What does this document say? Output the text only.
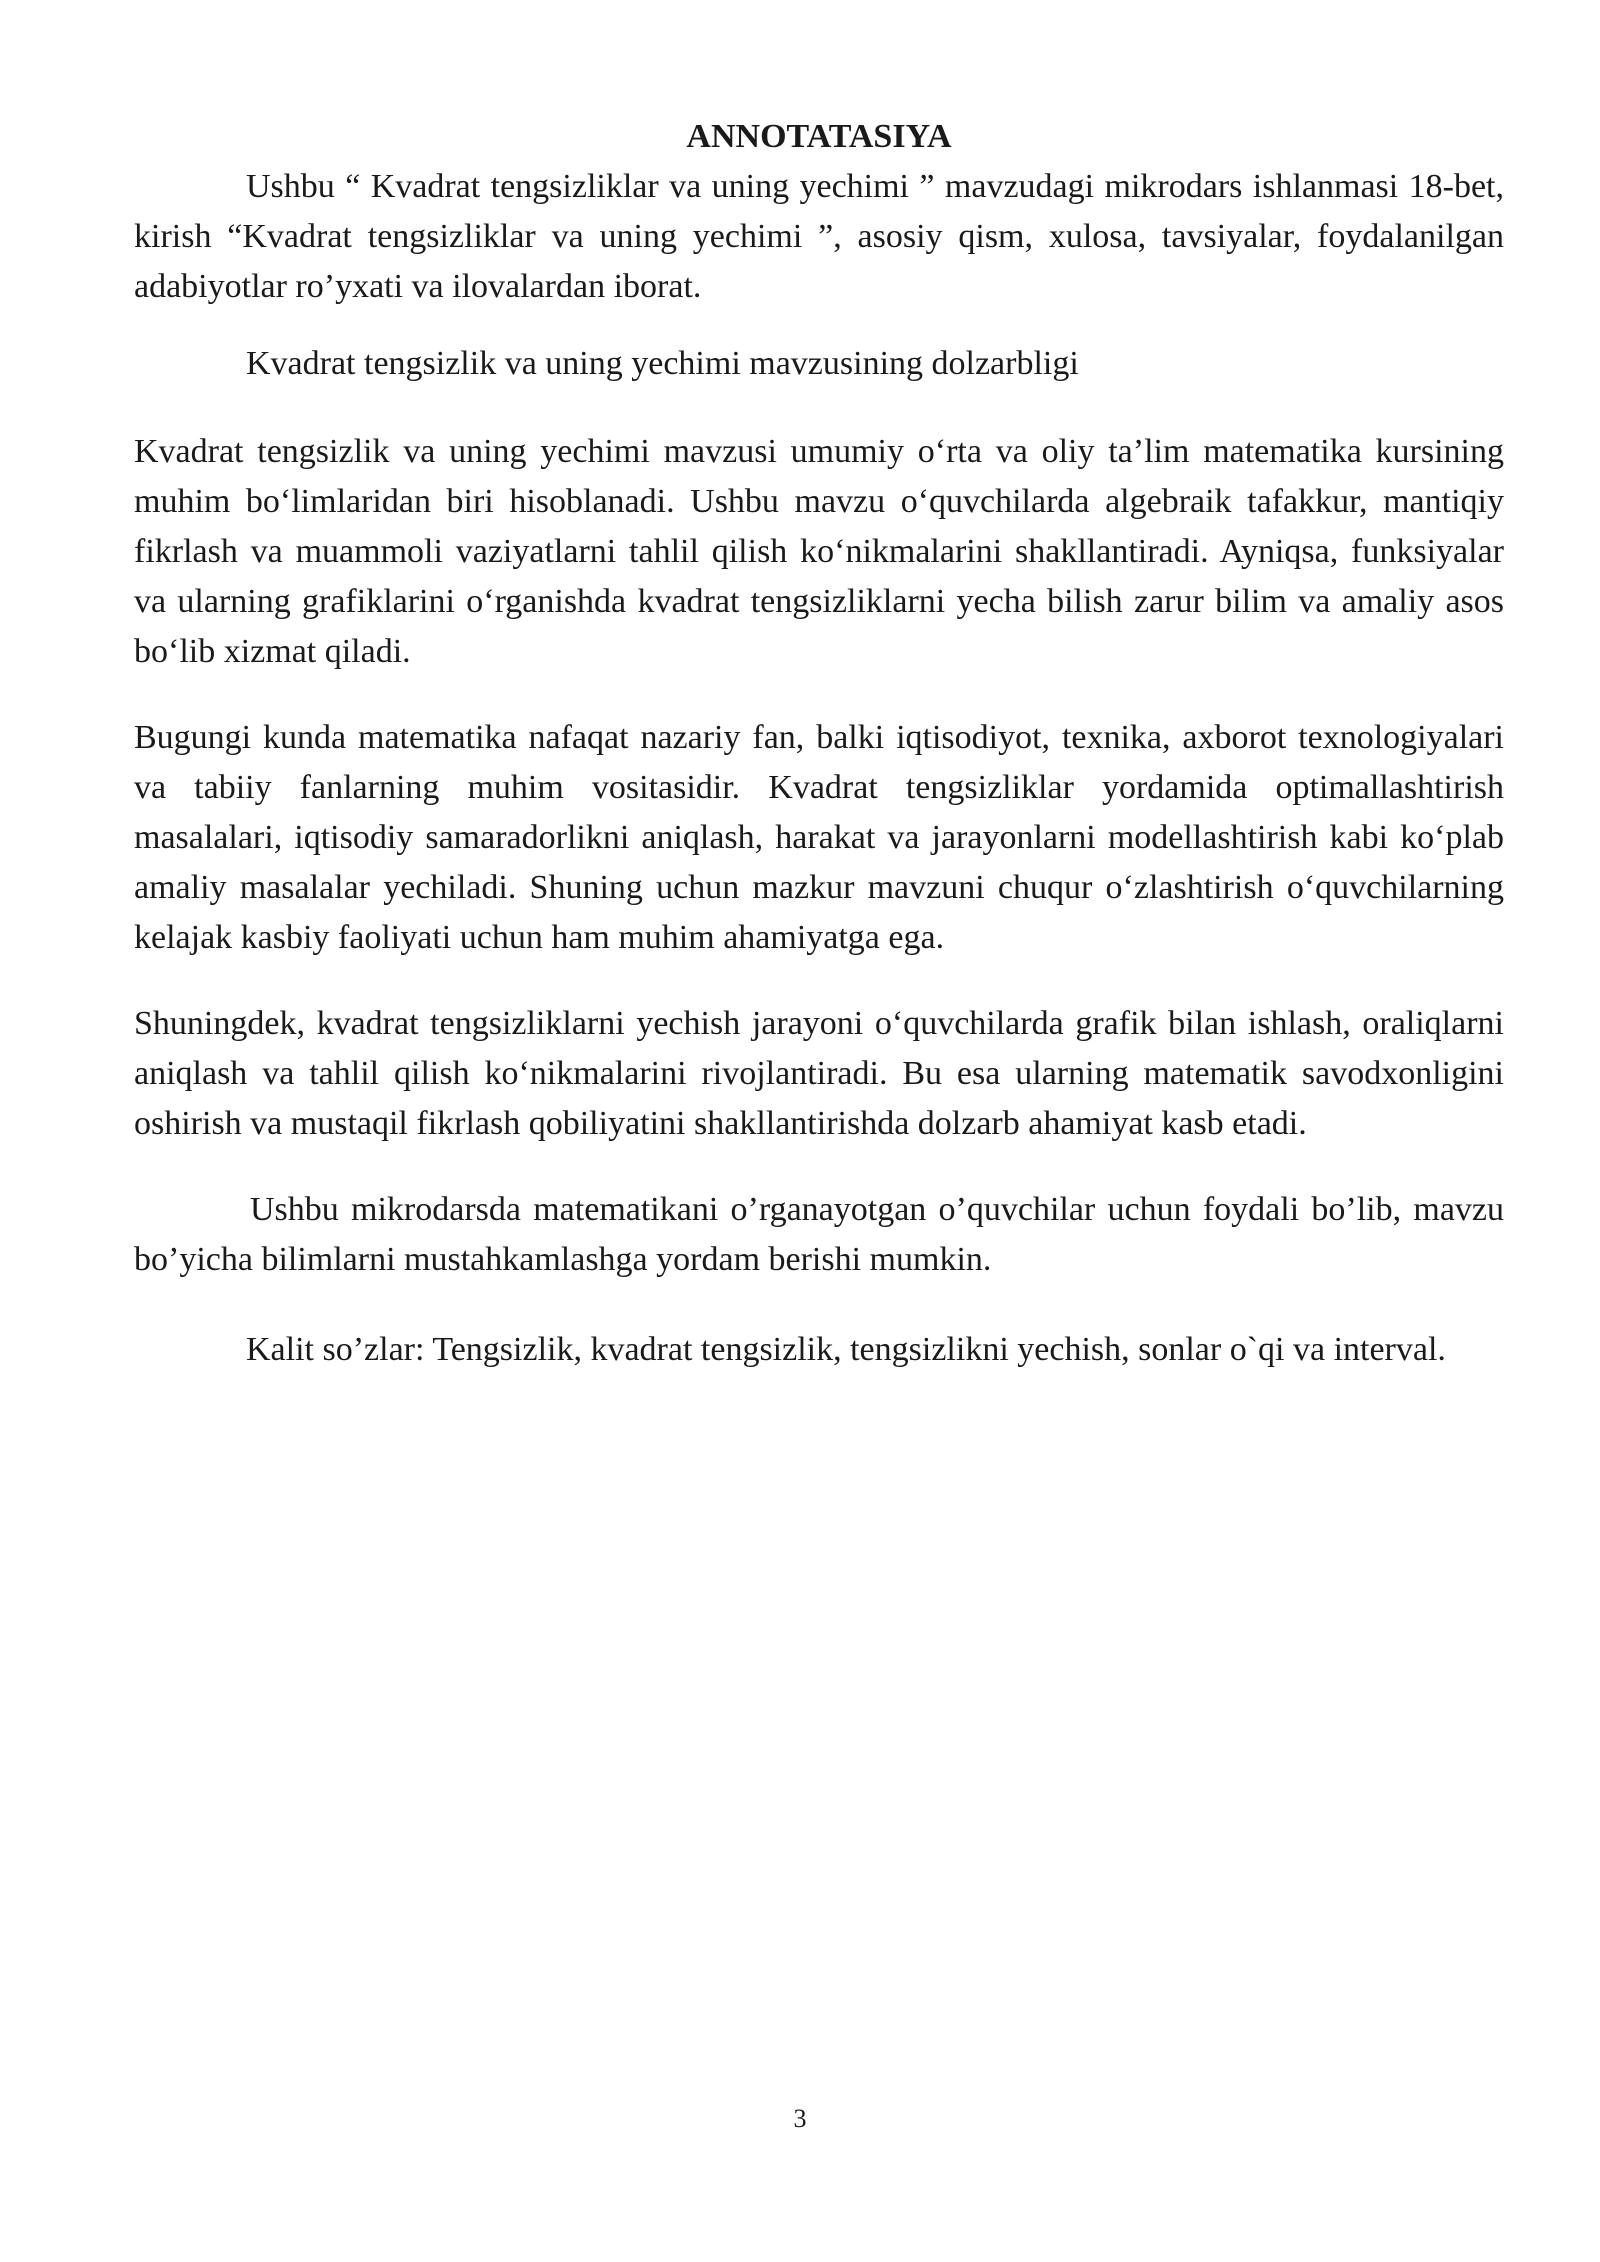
ANNOTATASIYA

Ushbu “ Kvadrat tengsizliklar va uning yechimi ” mavzudagi mikrodars ishlanmasi 18-bet, kirish “Kvadrat tengsizliklar va uning yechimi ”, asosiy qism, xulosa, tavsiyalar, foydalanilgan adabiyotlar ro’yxati va ilovalardan iborat.

Kvadrat tengsizlik va uning yechimi mavzusining dolzarbligi

Kvadrat tengsizlik va uning yechimi mavzusi umumiy o‘rta va oliy ta’lim matematika kursining muhim bo‘limlaridan biri hisoblanadi. Ushbu mavzu o‘quvchilarda algebraik tafakkur, mantiqiy fikrlash va muammoli vaziyatlarni tahlil qilish ko‘nikmalarini shakllantiradi. Ayniqsa, funksiyalar va ularning grafiklarini o‘rganishda kvadrat tengsizliklarni yecha bilish zarur bilim va amaliy asos bo‘lib xizmat qiladi.

Bugungi kunda matematika nafaqat nazariy fan, balki iqtisodiyot, texnika, axborot texnologiyalari va tabiiy fanlarning muhim vositasidir. Kvadrat tengsizliklar yordamida optimallashtirish masalalari, iqtisodiy samaradorlikni aniqlash, harakat va jarayonlarni modellashtirish kabi ko‘plab amaliy masalalar yechiladi. Shuning uchun mazkur mavzuni chuqur o‘zlashtirish o‘quvchilarning kelajak kasbiy faoliyati uchun ham muhim ahamiyatga ega.

Shuningdek, kvadrat tengsizliklarni yechish jarayoni o‘quvchilarda grafik bilan ishlash, oraliqlarni aniqlash va tahlil qilish ko‘nikmalarini rivojlantiradi. Bu esa ularning matematik savodxonligini oshirish va mustaqil fikrlash qobiliyatini shakllantirishda dolzarb ahamiyat kasb etadi.

Ushbu mikrodarsda matematikani o’rganayotgan o’quvchilar uchun foydali bo’lib, mavzu bo’yicha bilimlarni mustahkamlashga yordam berishi mumkin.

Kalit so’zlar: Tengsizlik, kvadrat tengsizlik, tengsizlikni yechish, sonlar o`qi va interval.

3
